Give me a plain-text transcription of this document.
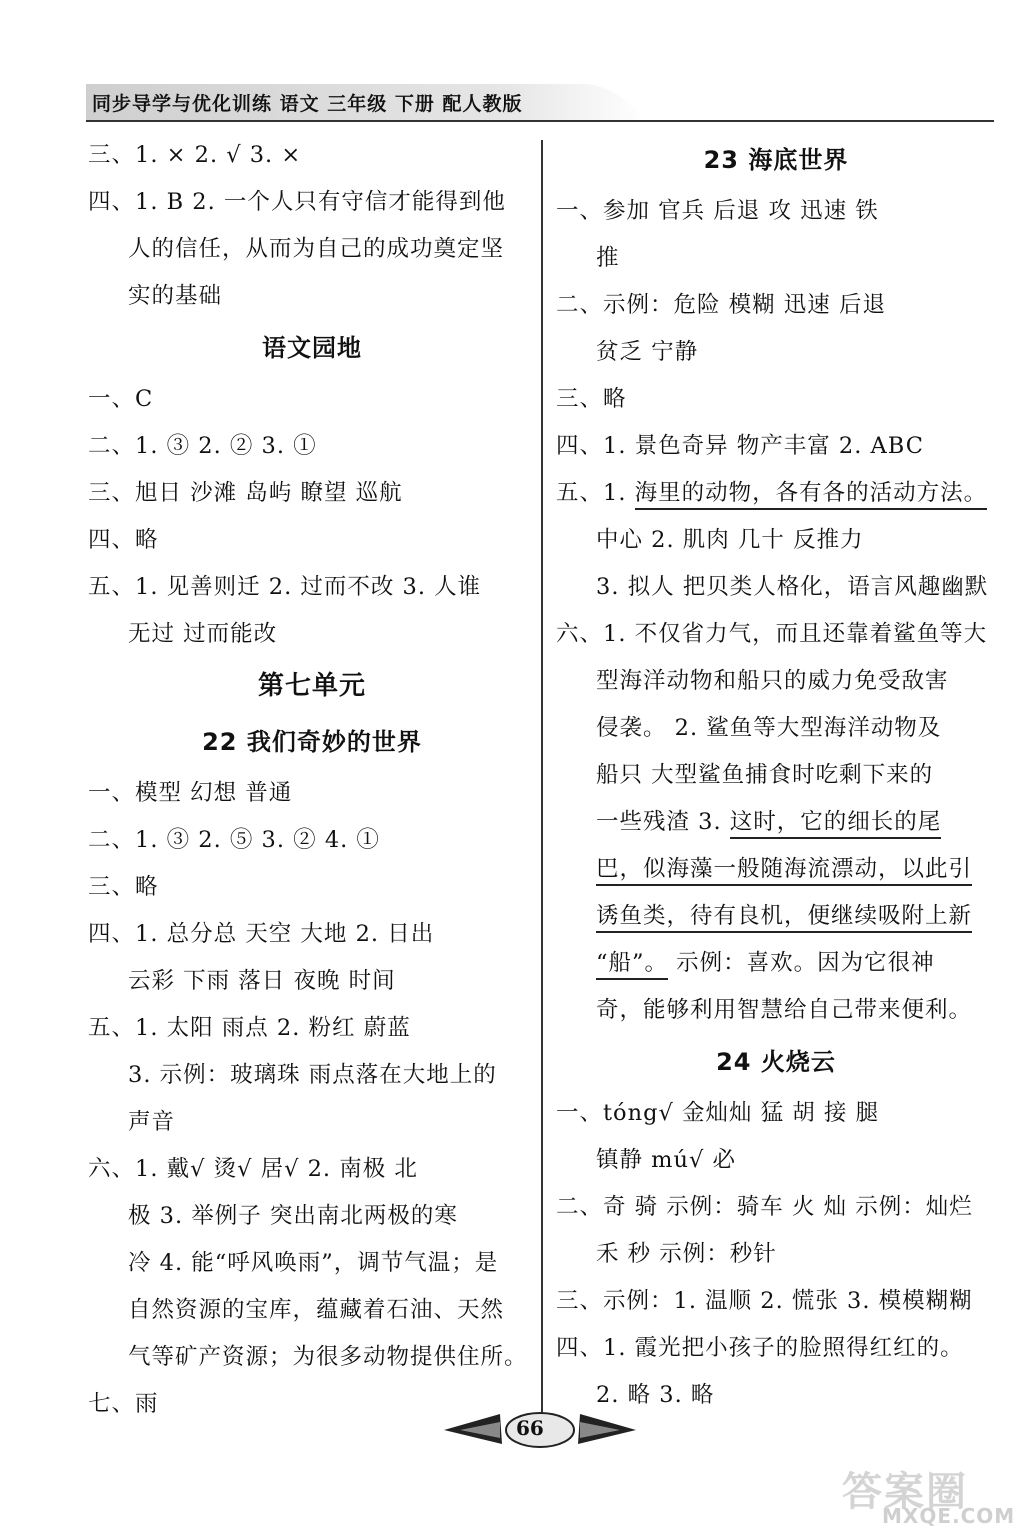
同步导学与优化训练 语文 三年级 下册 配人教版
三、1. × 2. √ 3. ×
四、1. B 2. 一个人只有守信才能得到他
人的信任，从而为自己的成功奠定坚
实的基础
语文园地
一、C
二、1. ③ 2. ② 3. ①
三、旭日 沙滩 岛屿 瞭望 巡航
四、略
五、1. 见善则迁 2. 过而不改 3. 人谁
无过 过而能改
第七单元
22 我们奇妙的世界
一、模型 幻想 普通
二、1. ③ 2. ⑤ 3. ② 4. ①
三、略
四、1. 总分总 天空 大地 2. 日出
云彩 下雨 落日 夜晚 时间
五、1. 太阳 雨点 2. 粉红 蔚蓝
3. 示例：玻璃珠 雨点落在大地上的
声音
六、1. 戴√ 烫√ 居√ 2. 南极 北
极 3. 举例子 突出南北两极的寒
冷 4. 能“呼风唤雨”，调节气温；是
自然资源的宝库，蕴藏着石油、天然
气等矿产资源；为很多动物提供住所。
七、雨
23 海底世界
一、参加 官兵 后退 攻 迅速 铁
推
二、示例：危险 模糊 迅速 后退
贫乏 宁静
三、略
四、1. 景色奇异 物产丰富 2. ABC
五、1. 海里的动物，各有各的活动方法。
中心 2. 肌肉 几十 反推力
3. 拟人 把贝类人格化，语言风趣幽默
六、1. 不仅省力气，而且还靠着鲨鱼等大
型海洋动物和船只的威力免受敌害
侵袭。 2. 鲨鱼等大型海洋动物及
船只 大型鲨鱼捕食时吃剩下来的
一些残渣 3. 这时，它的细长的尾
巴，似海藻一般随海流漂动，以此引
诱鱼类，待有良机，便继续吸附上新
“船”。 示例：喜欢。因为它很神
奇，能够利用智慧给自己带来便利。
24 火烧云
一、tóng√ 金灿灿 猛 胡 接 腿
镇静 mú√ 必
二、奇 骑 示例：骑车 火 灿 示例：灿烂
禾 秒 示例：秒针
三、示例：1. 温顺 2. 慌张 3. 模模糊糊
四、1. 霞光把小孩子的脸照得红红的。
2. 略 3. 略
66
答案圈
MXQE.COM
